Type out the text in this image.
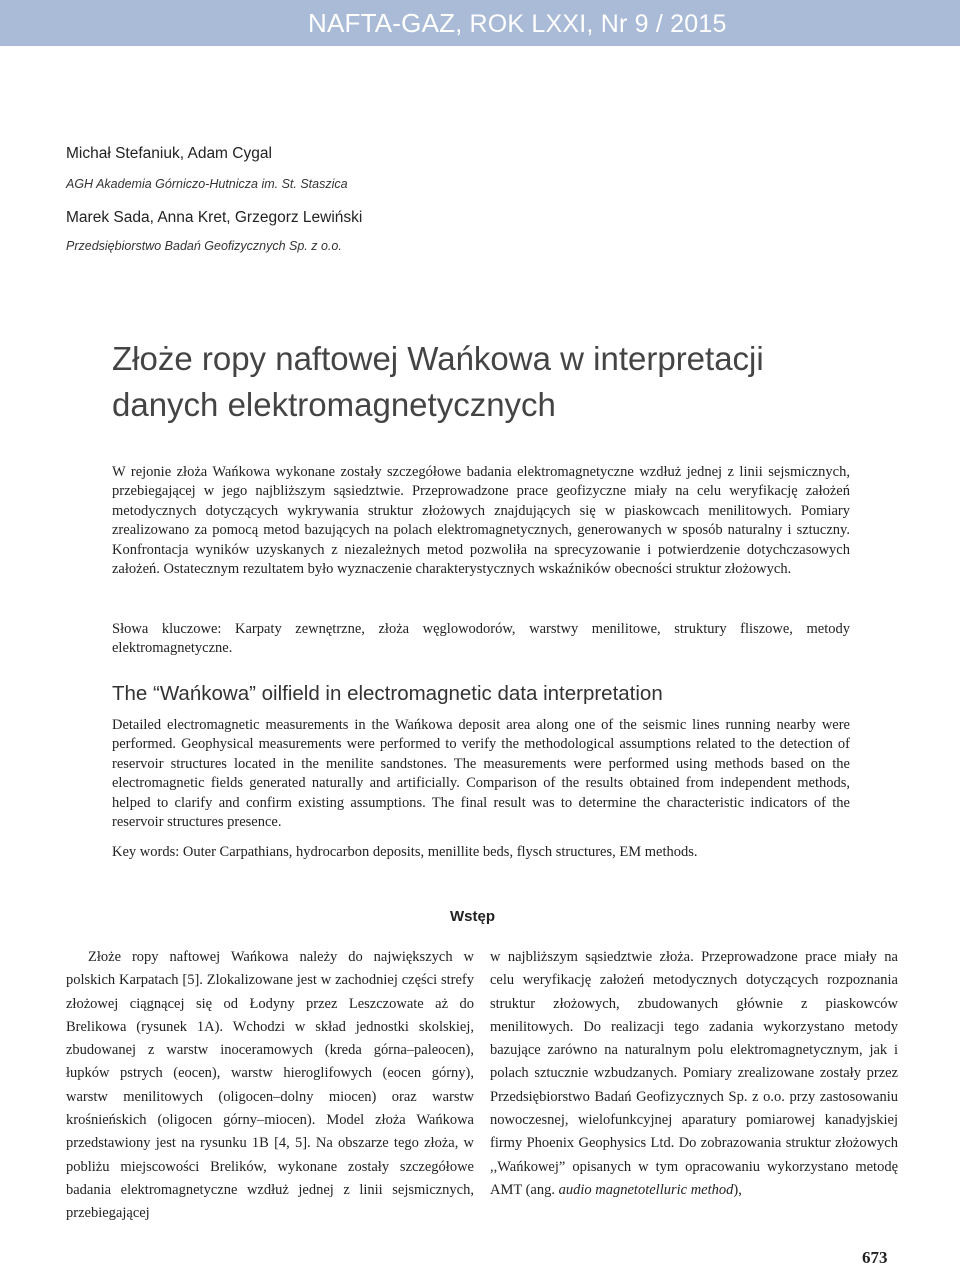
NAFTA-GAZ, ROK LXXI, Nr 9 / 2015
Michał Stefaniuk, Adam Cygal
AGH Akademia Górniczo-Hutnicza im. St. Staszica
Marek Sada, Anna Kret, Grzegorz Lewiński
Przedsiębiorstwo Badań Geofizycznych Sp. z o.o.
Złoże ropy naftowej Wańkowa w interpretacji
danych elektromagnetycznych

W rejonie złoża Wańkowa wykonane zostały szczegółowe badania elektromagnetyczne wzdłuż jednej z linii sejsmicznych, przebiegającej w jego najbliższym sąsiedztwie. Przeprowadzone prace geofizyczne miały na celu weryfikację założeń metodycznych dotyczących wykrywania struktur złożowych znajdujących się w piaskowcach menilitowych. Pomiary zrealizowano za pomocą metod bazujących na polach elektromagnetycznych, generowanych w sposób naturalny i sztuczny. Konfrontacja wyników uzyskanych z niezależnych metod pozwoliła na sprecyzowanie i potwierdzenie dotychczasowych założeń. Ostatecznym rezultatem było wyznaczenie charakterystycznych wskaźników obecności struktur złożowych.

Słowa kluczowe: Karpaty zewnętrzne, złoża węglowodorów, warstwy menilitowe, struktury fliszowe, metody elektromagnetyczne.

The “Wańkowa” oilfield in electromagnetic data interpretation

Detailed electromagnetic measurements in the Wańkowa deposit area along one of the seismic lines running nearby were performed. Geophysical measurements were performed to verify the methodological assumptions related to the detection of reservoir structures located in the menilite sandstones. The measurements were performed using methods based on the electromagnetic fields generated naturally and artificially. Comparison of the results obtained from independent methods, helped to clarify and confirm existing assumptions. The final result was to determine the characteristic indicators of the reservoir structures presence.

Key words: Outer Carpathians, hydrocarbon deposits, menillite beds, flysch structures, EM methods.

Wstęp

Złoże ropy naftowej Wańkowa należy do największych w polskich Karpatach [5]. Zlokalizowane jest w zachodniej części strefy złożowej ciągnącej się od Łodyny przez Leszczowate aż do Brelikowa (rysunek 1A). Wchodzi w skład jednostki skolskiej, zbudowanej z warstw inoceramowych (kreda górna–paleocen), łupków pstrych (eocen), warstw hieroglifowych (eocen górny), warstw menilitowych (oligocen–dolny miocen) oraz warstw krośnieńskich (oligocen górny–miocen). Model złoża Wańkowa przedstawiony jest na rysunku 1B [4, 5]. Na obszarze tego złoża, w pobliżu miejscowości Brelików, wykonane zostały szczegółowe badania elektromagnetyczne wzdłuż jednej z linii sejsmicznych, przebiegającej

w najbliższym sąsiedztwie złoża. Przeprowadzone prace miały na celu weryfikację założeń metodycznych dotyczących rozpoznania struktur złożowych, zbudowanych głównie z piaskowców menilitowych. Do realizacji tego zadania wykorzystano metody bazujące zarówno na naturalnym polu elektromagnetycznym, jak i polach sztucznie wzbudzanych. Pomiary zrealizowane zostały przez Przedsiębiorstwo Badań Geofizycznych Sp. z o.o. przy zastosowaniu nowoczesnej, wielofunkcyjnej aparatury pomiarowej kanadyjskiej firmy Phoenix Geophysics Ltd. Do zobrazowania struktur złożowych ,,Wańkowej” opisanych w tym opracowaniu wykorzystano metodę AMT (ang. audio magnetotelluric method),

673
